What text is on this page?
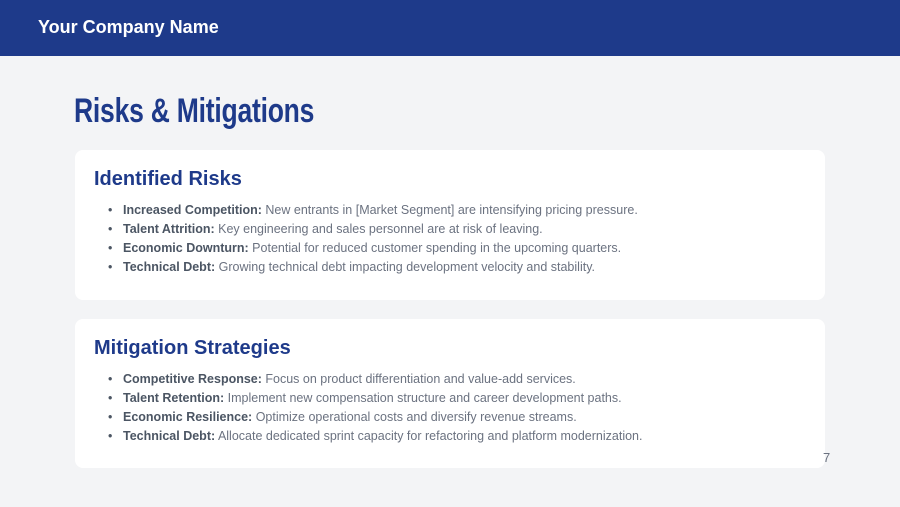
Your Company Name
Risks & Mitigations
Identified Risks
• Increased Competition: New entrants in [Market Segment] are intensifying pricing pressure.
• Talent Attrition: Key engineering and sales personnel are at risk of leaving.
• Economic Downturn: Potential for reduced customer spending in the upcoming quarters.
• Technical Debt: Growing technical debt impacting development velocity and stability.
Mitigation Strategies
• Competitive Response: Focus on product differentiation and value-add services.
• Talent Retention: Implement new compensation structure and career development paths.
• Economic Resilience: Optimize operational costs and diversify revenue streams.
• Technical Debt: Allocate dedicated sprint capacity for refactoring and platform modernization.
7
